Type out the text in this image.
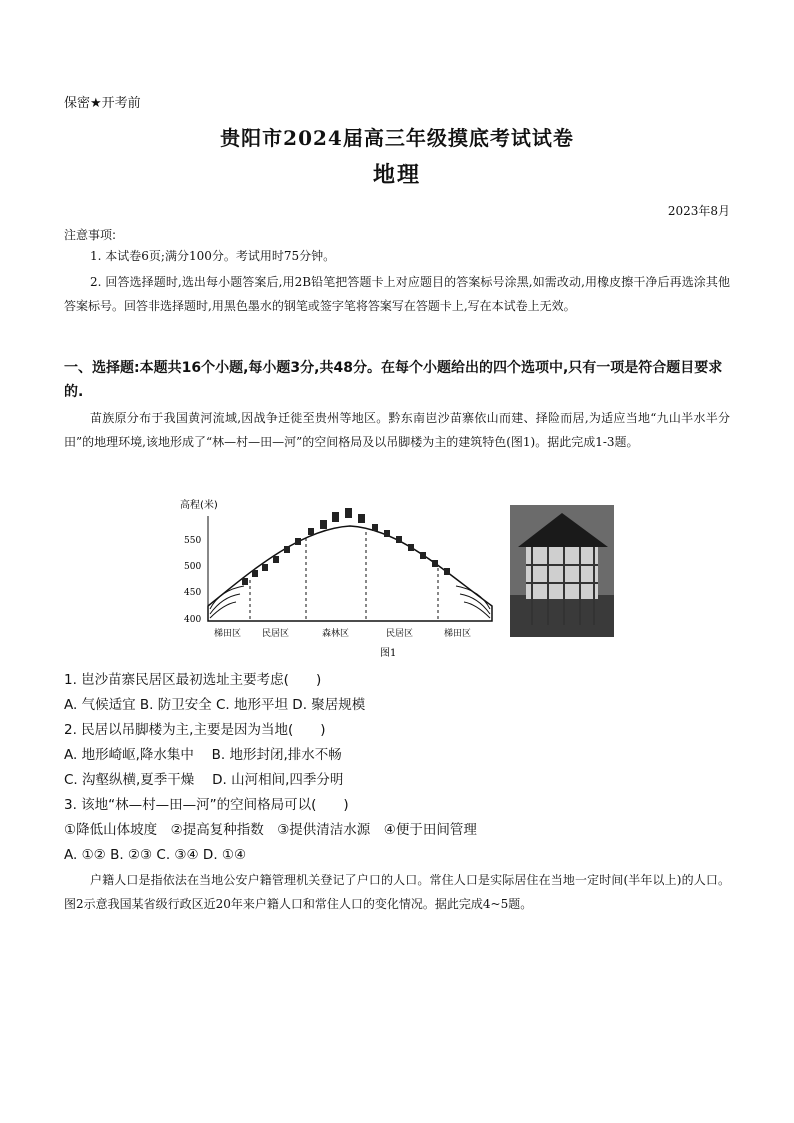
保密★开考前
贵阳市2024届高三年级摸底考试试卷
地理
2023年8月
注意事项:
1. 本试卷6页;满分100分。考试用时75分钟。
2. 回答选择题时,选出每小题答案后,用2B铅笔把答题卡上对应题目的答案标号涂黑,如需改动,用橡皮擦干净后再选涂其他答案标号。回答非选择题时,用黑色墨水的钢笔或签字笔将答案写在答题卡上,写在本试卷上无效。
一、选择题:本题共16个小题,每小题3分,共48分。在每个小题给出的四个选项中,只有一项是符合题目要求的.
苗族原分布于我国黄河流域,因战争迁徙至贵州等地区。黔东南岜沙苗寨依山而建、择险而居,为适应当地“九山半水半分田”的地理环境,该地形成了“林—村—田—河”的空间格局及以吊脚楼为主的建筑特色(图1)。据此完成1-3题。
高程(米)
550
500
450
400
梯田区 民居区	森林区	民居区	梯田区
图1
1. 岜沙苗寨民居区最初选址主要考虑(　　)
A. 气候适宜 B. 防卫安全 C. 地形平坦 D. 聚居规模
2. 民居以吊脚楼为主,主要是因为当地(　　)
A. 地形崎岖,降水集中　 B. 地形封闭,排水不畅
C. 沟壑纵横,夏季干燥　 D. 山河相间,四季分明
3. 该地“林—村—田—河”的空间格局可以(　　)
①降低山体坡度　②提高复种指数　③提供清洁水源　④便于田间管理
A. ①② B. ②③ C. ③④ D. ①④
户籍人口是指依法在当地公安户籍管理机关登记了户口的人口。常住人口是实际居住在当地一定时间(半年以上)的人口。图2示意我国某省级行政区近20年来户籍人口和常住人口的变化情况。据此完成4~5题。
